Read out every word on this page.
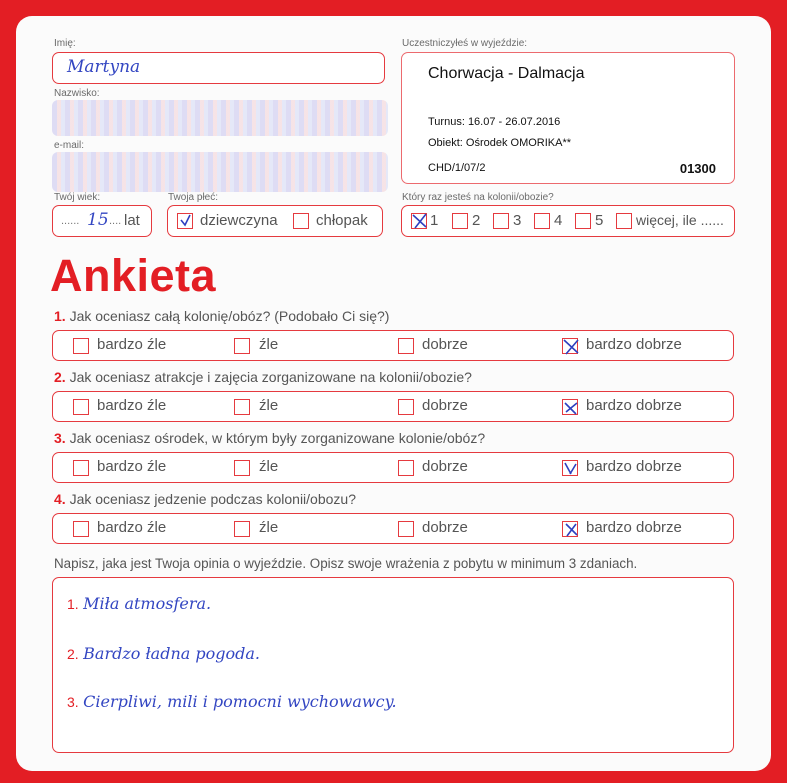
Imię:
Martyna
Nazwisko:
e-mail:
Uczestniczyłeś w wyjeździe:
Chorwacja - Dalmacja
Turnus: 16.07 - 26.07.2016
Obiekt: Ośrodek OMORIKA**
CHD/1/07/2	01300
Twój wiek:
...... 15 .... lat
Twoja płeć:
dziewczyna	chłopak
Który raz jesteś na kolonii/obozie?
1 2 3 4 5 więcej, ile ......
Ankieta
1. Jak oceniasz całą kolonię/obóz? (Podobało Ci się?)
bardzo źle	źle	dobrze	bardzo dobrze
2. Jak oceniasz atrakcje i zajęcia zorganizowane na kolonii/obozie?
bardzo źle	źle	dobrze	bardzo dobrze
3. Jak oceniasz ośrodek, w którym były zorganizowane kolonie/obóz?
bardzo źle	źle	dobrze	bardzo dobrze
4. Jak oceniasz jedzenie podczas kolonii/obozu?
bardzo źle	źle	dobrze	bardzo dobrze
Napisz, jaka jest Twoja opinia o wyjeździe. Opisz swoje wrażenia z pobytu w minimum 3 zdaniach.
1. Miła atmosfera.
2. Bardzo ładna pogoda.
3. Cierpliwi, mili i pomocni wychowawcy.
